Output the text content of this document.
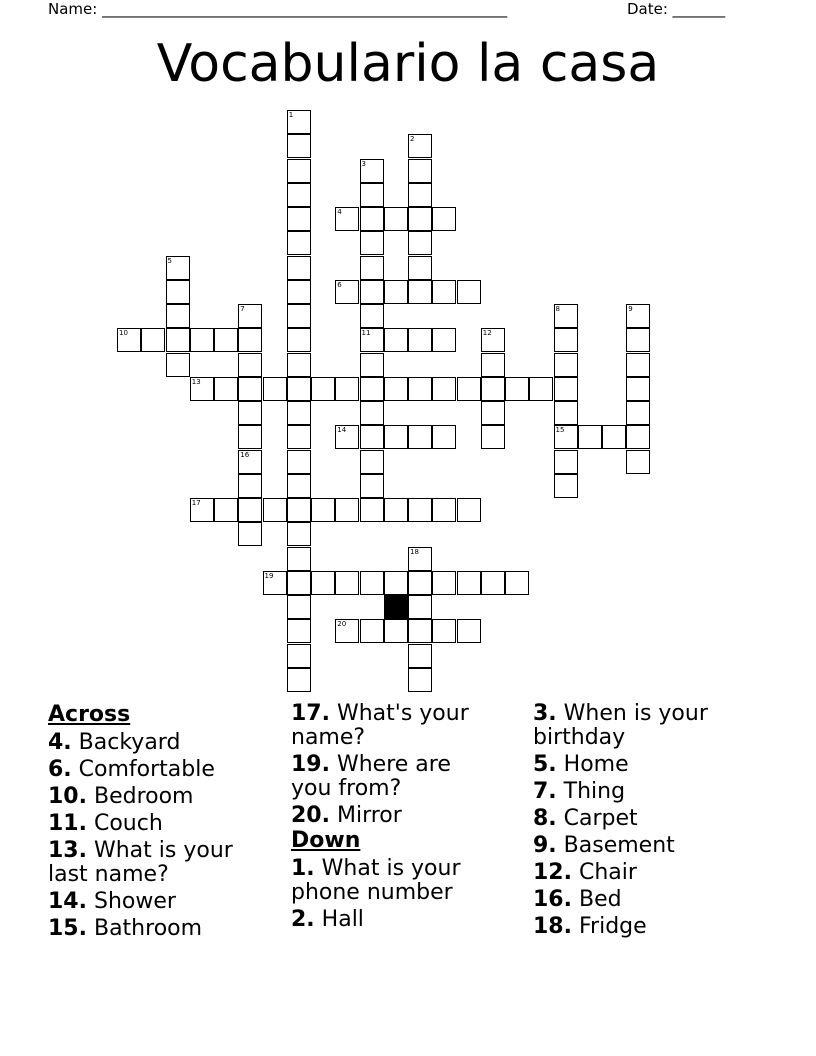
Name: ______________________________________________________	Date: _______
Vocabulario la casa
1
2
3
4
5
6
7	8	9
10	11	12
13
14	15
16
17
18
19
20
Across
4. Backyard
6. Comfortable
10. Bedroom
11. Couch
13. What is your last name?
14. Shower
15. Bathroom
17. What's your name?
19. Where are you from?
20. Mirror
Down
1. What is your phone number
2. Hall
3. When is your birthday
5. Home
7. Thing
8. Carpet
9. Basement
12. Chair
16. Bed
18. Fridge
